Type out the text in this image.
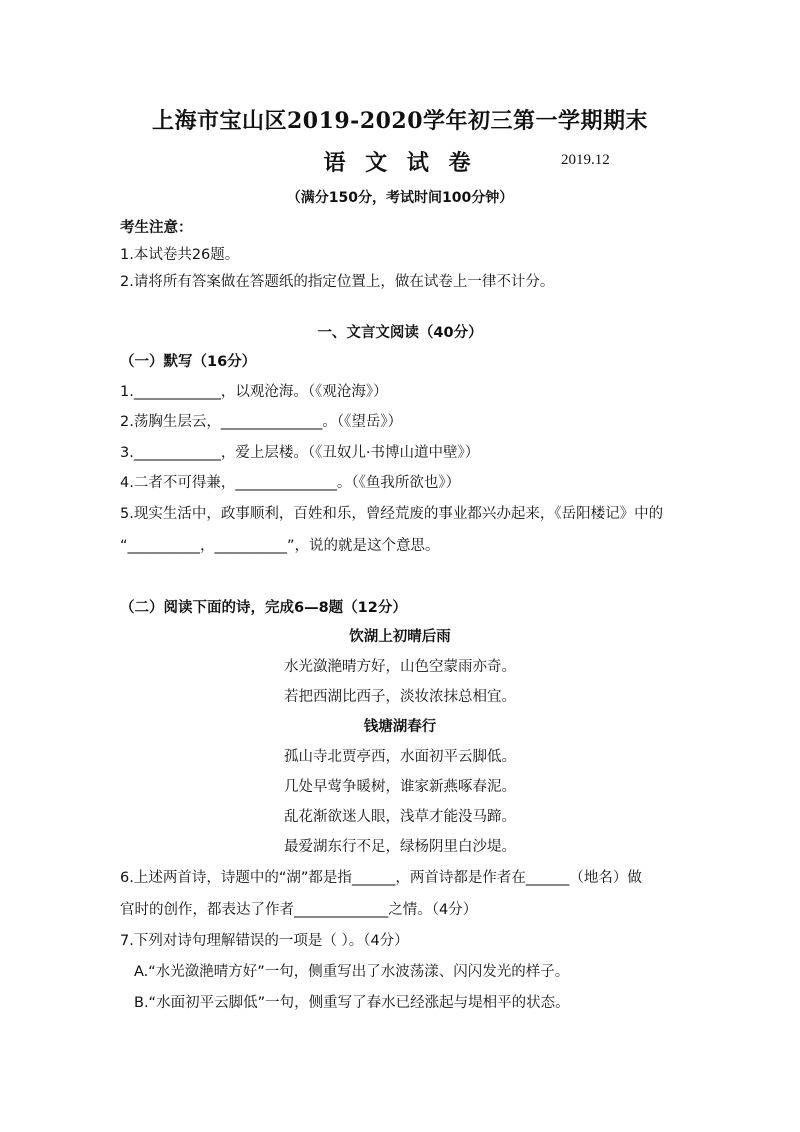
上海市宝山区2019-2020学年初三第一学期期末
语 文 试 卷	2019.12
（满分150分，考试时间100分钟）
考生注意：
1.本试卷共26题。
2.请将所有答案做在答题纸的指定位置上，做在试卷上一律不计分。
一、文言文阅读（40分）
（一）默写（16分）
1.____________，以观沧海。（《观沧海》）
2.荡胸生层云，______________。（《望岳》）
3.____________，爱上层楼。（《丑奴儿·书博山道中壁》）
4.二者不可得兼，______________。（《鱼我所欲也》）
5.现实生活中，政事顺利，百姓和乐，曾经荒废的事业都兴办起来，《岳阳楼记》中的
“__________，__________”，说的就是这个意思。
（二）阅读下面的诗，完成6—8题（12分）
饮湖上初晴后雨
水光潋滟晴方好，山色空蒙雨亦奇。
若把西湖比西子，淡妆浓抹总相宜。
钱塘湖春行
孤山寺北贾亭西，水面初平云脚低。
几处早莺争暖树，谁家新燕啄春泥。
乱花渐欲迷人眼，浅草才能没马蹄。
最爱湖东行不足，绿杨阴里白沙堤。
6.上述两首诗，诗题中的“湖”都是指______，两首诗都是作者在______（地名）做
官时的创作，都表达了作者_____________之情。（4分）
7.下列对诗句理解错误的一项是（ ）。（4分）
A.“水光潋滟晴方好”一句，侧重写出了水波荡漾、闪闪发光的样子。
B.“水面初平云脚低”一句，侧重写了春水已经涨起与堤相平的状态。
